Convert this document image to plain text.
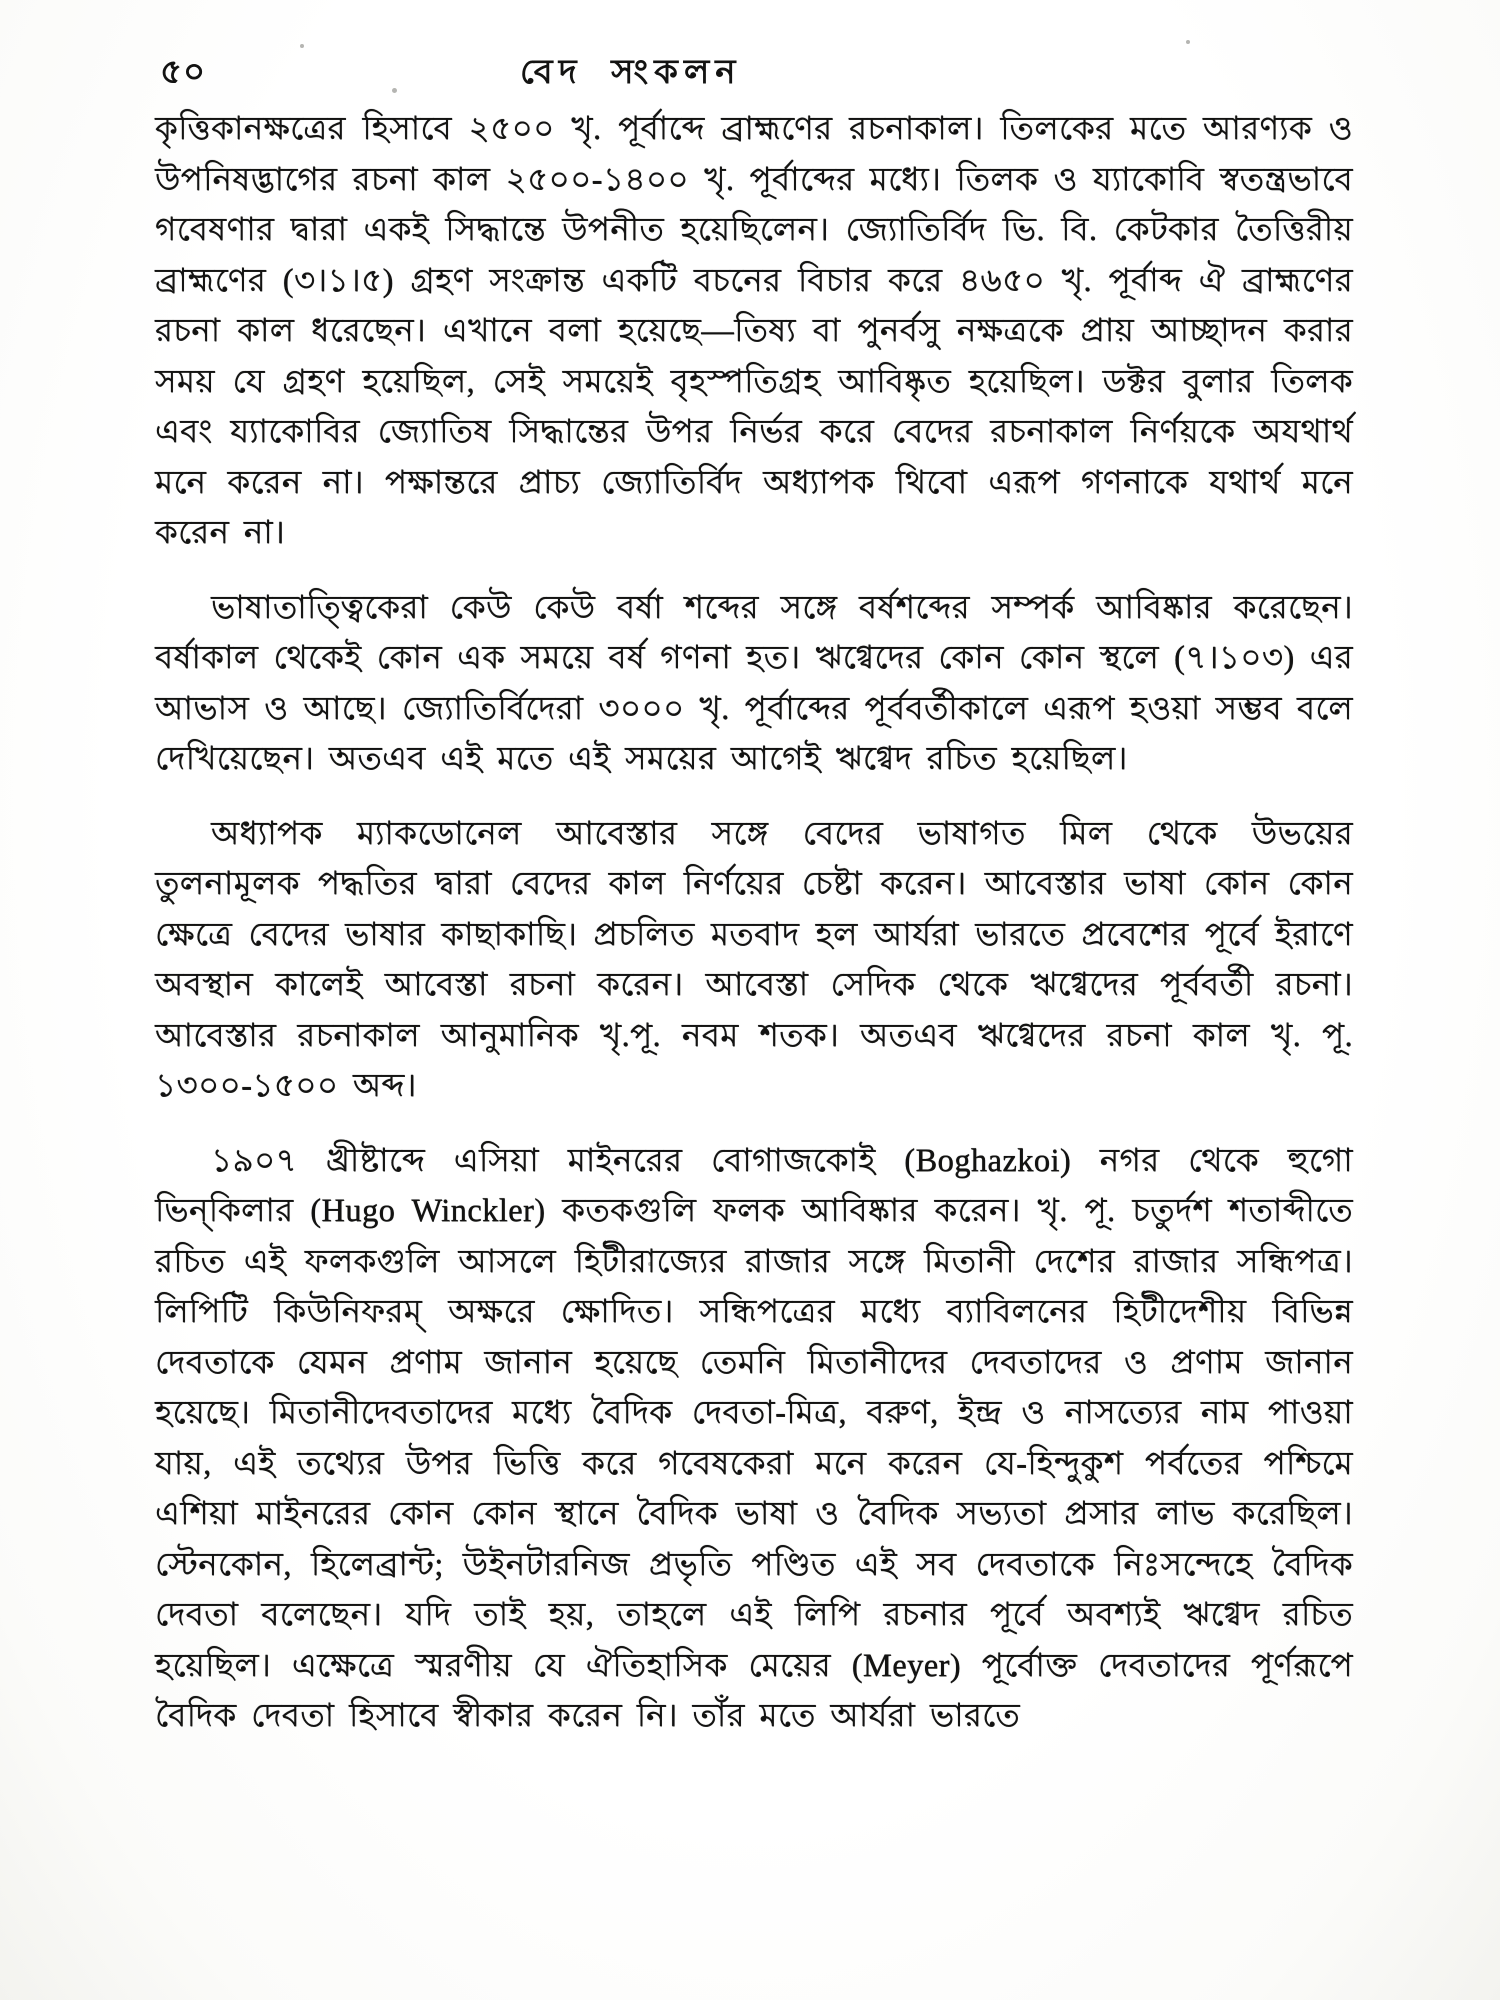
৫০	বেদ সংকলন

কৃত্তিকানক্ষত্রের হিসাবে ২৫০০ খৃ. পূর্বাব্দে ব্রাহ্মণের রচনাকাল। তিলকের মতে আরণ্যক ও উপনিষদ্ভাগের রচনা কাল ২৫০০-১৪০০ খৃ. পূর্বাব্দের মধ্যে। তিলক ও য্যাকোবি স্বতন্ত্রভাবে গবেষণার দ্বারা একই সিদ্ধান্তে উপনীত হয়েছিলেন। জ্যোতির্বিদ ভি. বি. কেটকার তৈত্তিরীয় ব্রাহ্মণের (৩।১।৫) গ্রহণ সংক্রান্ত একটি বচনের বিচার করে ৪৬৫০ খৃ. পূর্বাব্দ ঐ ব্রাহ্মণের রচনা কাল ধরেছেন। এখানে বলা হয়েছে—তিষ্য বা পুনর্বসু নক্ষত্রকে প্রায় আচ্ছাদন করার সময় যে গ্রহণ হয়েছিল, সেই সময়েই বৃহস্পতিগ্রহ আবিষ্কৃত হয়েছিল। ডক্টর বুলার তিলক এবং য্যাকোবির জ্যোতিষ সিদ্ধান্তের উপর নির্ভর করে বেদের রচনাকাল নির্ণয়কে অযথার্থ মনে করেন না। পক্ষান্তরে প্রাচ্য জ্যোতির্বিদ অধ্যাপক থিবো এরূপ গণনাকে যথার্থ মনে করেন না।

ভাষাতাত্ত্বিকেরা কেউ কেউ বর্ষা শব্দের সঙ্গে বর্ষশব্দের সম্পর্ক আবিষ্কার করেছেন। বর্ষাকাল থেকেই কোন এক সময়ে বর্ষ গণনা হত। ঋগ্বেদের কোন কোন স্থলে (৭।১০৩) এর আভাস ও আছে। জ্যোতির্বিদেরা ৩০০০ খৃ. পূর্বাব্দের পূর্ববর্তীকালে এরূপ হওয়া সম্ভব বলে দেখিয়েছেন। অতএব এই মতে এই সময়ের আগেই ঋগ্বেদ রচিত হয়েছিল।

অধ্যাপক ম্যাকডোনেল আবেস্তার সঙ্গে বেদের ভাষাগত মিল থেকে উভয়ের তুলনামূলক পদ্ধতির দ্বারা বেদের কাল নির্ণয়ের চেষ্টা করেন। আবেস্তার ভাষা কোন কোন ক্ষেত্রে বেদের ভাষার কাছাকাছি। প্রচলিত মতবাদ হল আর্যরা ভারতে প্রবেশের পূর্বে ইরাণে অবস্থান কালেই আবেস্তা রচনা করেন। আবেস্তা সেদিক থেকে ঋগ্বেদের পূর্ববর্তী রচনা। আবেস্তার রচনাকাল আনুমানিক খৃ.পূ. নবম শতক। অতএব ঋগ্বেদের রচনা কাল খৃ. পূ. ১৩০০-১৫০০ অব্দ।

১৯০৭ খ্রীষ্টাব্দে এসিয়া মাইনরের বোগাজকোই (Boghazkoi) নগর থেকে হুগো ভিন্‌কিলার (Hugo Winckler) কতকগুলি ফলক আবিষ্কার করেন। খৃ. পূ. চতুর্দশ শতাব্দীতে রচিত এই ফলকগুলি আসলে হিটীরাজ্যের রাজার সঙ্গে মিতানী দেশের রাজার সন্ধিপত্র। লিপিটি কিউনিফরম্‌ অক্ষরে ক্ষোদিত। সন্ধিপত্রের মধ্যে ব্যাবিলনের হিটীদেশীয় বিভিন্ন দেবতাকে যেমন প্রণাম জানান হয়েছে তেমনি মিতানীদের দেবতাদের ও প্রণাম জানান হয়েছে। মিতানীদেবতাদের মধ্যে বৈদিক দেবতা-মিত্র, বরুণ, ইন্দ্র ও নাসত্যের নাম পাওয়া যায়, এই তথ্যের উপর ভিত্তি করে গবেষকেরা মনে করেন যে-হিন্দুকুশ পর্বতের পশ্চিমে এশিয়া মাইনরের কোন কোন স্থানে বৈদিক ভাষা ও বৈদিক সভ্যতা প্রসার লাভ করেছিল। স্টেনকোন, হিলেব্রান্ট; উইনটারনিজ প্রভৃতি পণ্ডিত এই সব দেবতাকে নিঃসন্দেহে বৈদিক দেবতা বলেছেন। যদি তাই হয়, তাহলে এই লিপি রচনার পূর্বে অবশ্যই ঋগ্বেদ রচিত হয়েছিল। এক্ষেত্রে স্মরণীয় যে ঐতিহাসিক মেয়ের (Meyer) পূর্বোক্ত দেবতাদের পূর্ণরূপে বৈদিক দেবতা হিসাবে স্বীকার করেন নি। তাঁর মতে আর্যরা ভারতে
